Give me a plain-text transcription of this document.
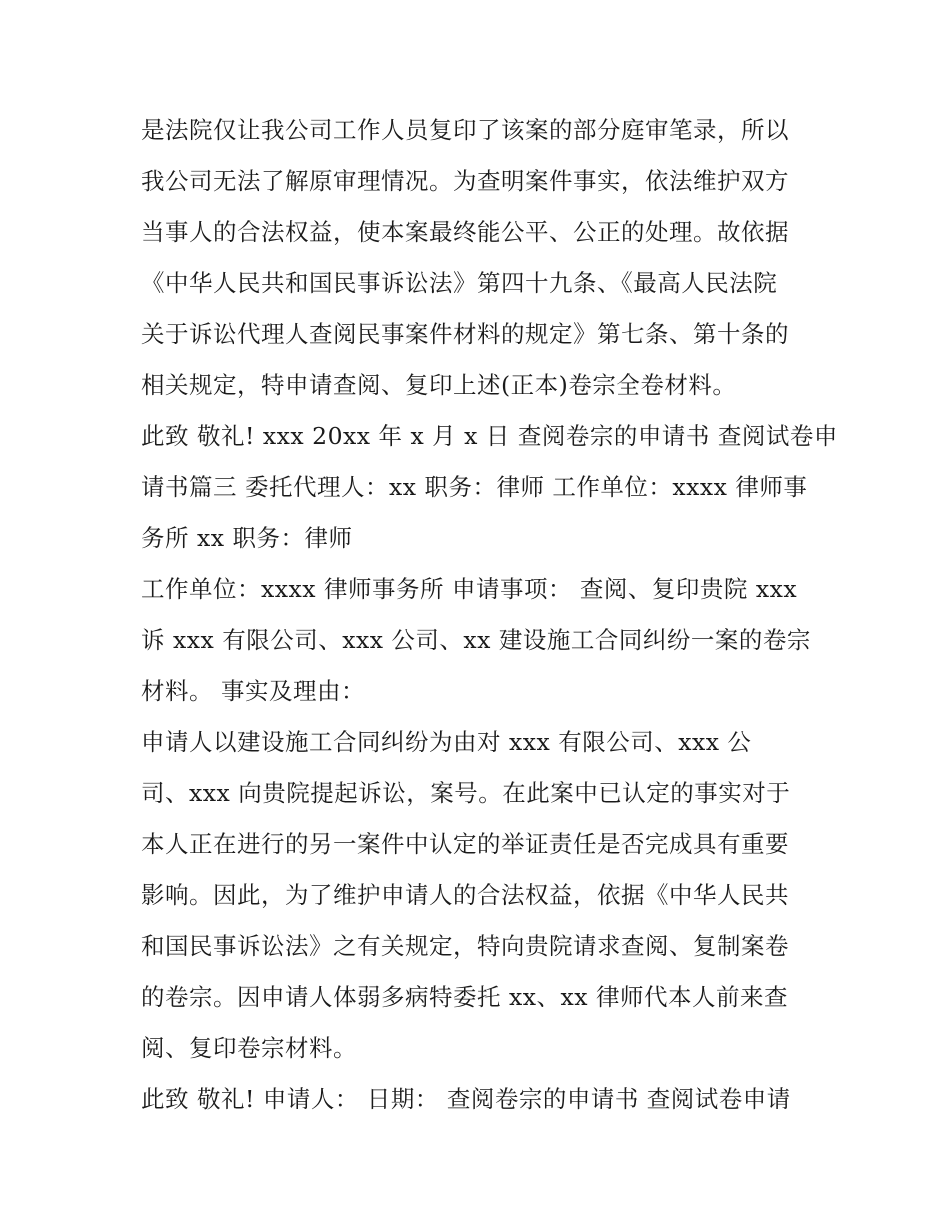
是法院仅让我公司工作人员复印了该案的部分庭审笔录，所以
我公司无法了解原审理情况。为查明案件事实，依法维护双方
当事人的合法权益，使本案最终能公平、公正的处理。故依据
《中华人民共和国民事诉讼法》第四十九条、《最高人民法院
关于诉讼代理人查阅民事案件材料的规定》第七条、第十条的
相关规定，特申请查阅、复印上述(正本)卷宗全卷材料。
此致 敬礼! xxx 20xx 年 x 月 x 日 查阅卷宗的申请书 查阅试卷申
请书篇三 委托代理人：xx 职务：律师 工作单位：xxxx 律师事
务所 xx 职务：律师
工作单位：xxxx 律师事务所 申请事项： 查阅、复印贵院 xxx
诉 xxx 有限公司、xxx 公司、xx 建设施工合同纠纷一案的卷宗
材料。 事实及理由：
申请人以建设施工合同纠纷为由对 xxx 有限公司、xxx 公
司、xxx 向贵院提起诉讼，案号。在此案中已认定的事实对于
本人正在进行的另一案件中认定的举证责任是否完成具有重要
影响。因此，为了维护申请人的合法权益，依据《中华人民共
和国民事诉讼法》之有关规定，特向贵院请求查阅、复制案卷
的卷宗。因申请人体弱多病特委托 xx、xx 律师代本人前来查
阅、复印卷宗材料。
此致 敬礼! 申请人： 日期： 查阅卷宗的申请书 查阅试卷申请
